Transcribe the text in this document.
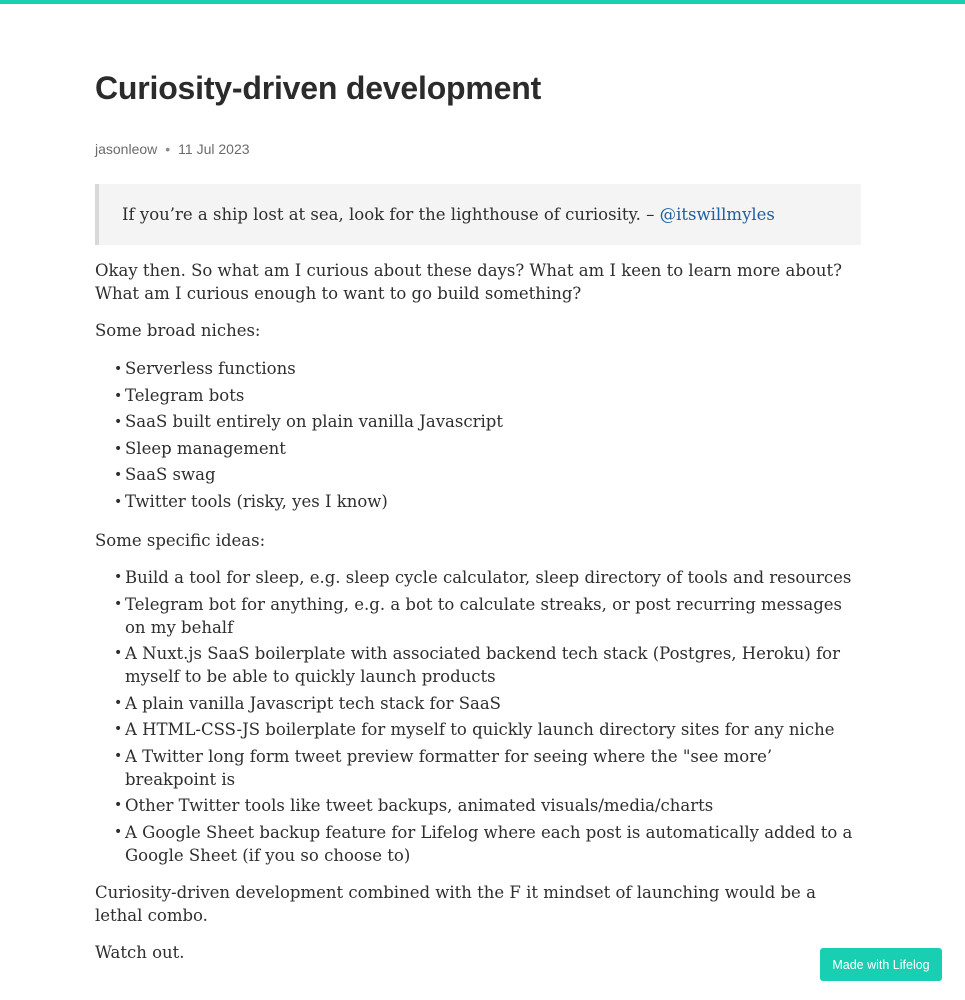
Curiosity-driven development
jasonleow • 11 Jul 2023
If you’re a ship lost at sea, look for the lighthouse of curiosity. – @itswillmyles

Okay then. So what am I curious about these days? What am I keen to learn more about? What am I curious enough to want to go build something?

Some broad niches:

• Serverless functions
• Telegram bots
• SaaS built entirely on plain vanilla Javascript
• Sleep management
• SaaS swag
• Twitter tools (risky, yes I know)

Some specific ideas:

• Build a tool for sleep, e.g. sleep cycle calculator, sleep directory of tools and resources
• Telegram bot for anything, e.g. a bot to calculate streaks, or post recurring messages on my behalf
• A Nuxt.js SaaS boilerplate with associated backend tech stack (Postgres, Heroku) for myself to be able to quickly launch products
• A plain vanilla Javascript tech stack for SaaS
• A HTML-CSS-JS boilerplate for myself to quickly launch directory sites for any niche
• A Twitter long form tweet preview formatter for seeing where the "see more’ breakpoint is
• Other Twitter tools like tweet backups, animated visuals/media/charts
• A Google Sheet backup feature for Lifelog where each post is automatically added to a Google Sheet (if you so choose to)

Curiosity-driven development combined with the F it mindset of launching would be a lethal combo.

Watch out.

Made with Lifelog
